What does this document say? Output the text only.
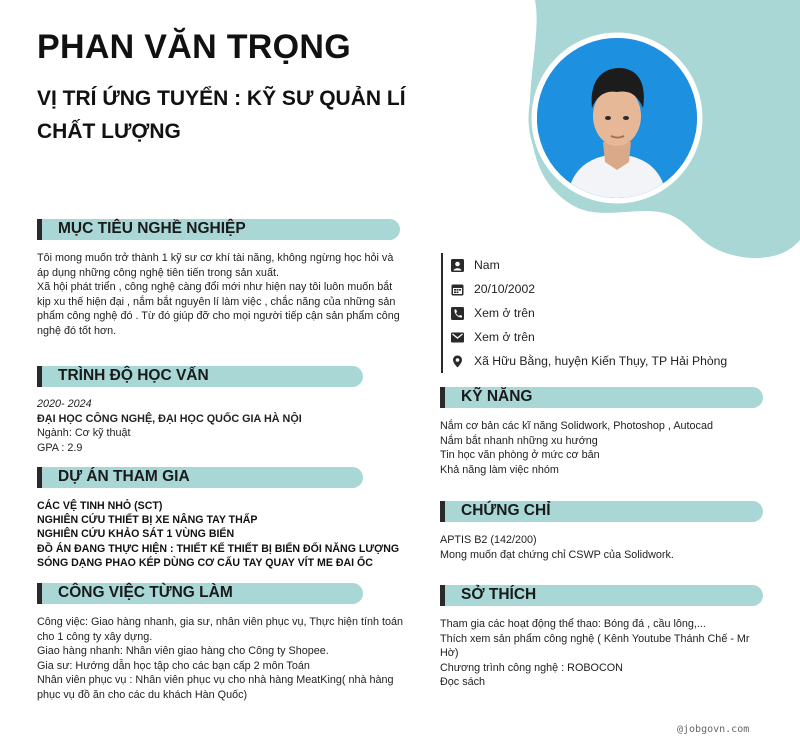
PHAN VĂN TRỌNG
VỊ TRÍ ỨNG TUYỂN : KỸ SƯ QUẢN LÍ CHẤT LƯỢNG
MỤC TIÊU NGHỀ NGHIỆP

Tôi mong muốn trở thành 1 kỹ sư cơ khí tài năng, không ngừng học hỏi và áp dụng những công nghệ tiên tiến trong sản xuất.

Xã hội phát triển , công nghệ càng đổi mới như hiện nay tôi luôn muốn bắt kịp xu thế hiện đại , nắm bắt nguyên lí làm việc , chắc năng của những sản phẩm công nghệ đó . Từ đó giúp đỡ cho mọi người tiếp cận sản phẩm công nghệ đó tốt hơn.

TRÌNH ĐỘ HỌC VẤN

2020- 2024

ĐẠI HỌC CÔNG NGHỆ, ĐẠI HỌC QUỐC GIA HÀ NỘI

Ngành: Cơ kỹ thuật

GPA : 2.9

DỰ ÁN THAM GIA

CÁC VỆ TINH NHỎ (SCT)

NGHIÊN CỨU THIẾT BỊ XE NÂNG TAY THẤP

NGHIÊN CỨU KHẢO SÁT 1 VÙNG BIỂN

ĐỒ ÁN ĐANG THỰC HIỆN : THIẾT KẾ THIẾT BỊ BIẾN ĐỔI NĂNG LƯỢNG SÓNG DẠNG PHAO KÉP DÙNG CƠ CẤU TAY QUAY VÍT ME ĐAI ỐC

CÔNG VIỆC TỪNG LÀM

Công việc: Giao hàng nhanh, gia sư, nhân viên phục vụ, Thực hiện tính toán cho 1 công ty xây dựng.

Giao hàng nhanh: Nhân viên giao hàng cho Công ty Shopee.

Gia sư: Hướng dẫn học tập cho các bạn cấp 2 môn Toán

Nhân viên phục vụ : Nhân viên phục vụ cho nhà hàng MeatKing( nhà hàng phục vụ đồ ăn cho các du khách Hàn Quốc)

Nam
20/10/2002
Xem ở trên
Xem ở trên
Xã Hữu Bằng, huyện Kiến Thụy, TP Hải Phòng
KỸ NĂNG

Nắm cơ bản các kĩ năng Solidwork, Photoshop , Autocad

Nắm bắt nhanh những xu hướng

Tin học văn phòng ở mức cơ bản

Khả năng làm việc nhóm

CHỨNG CHỈ

APTIS B2 (142/200)

Mong muốn đạt chứng chỉ CSWP của Solidwork.

SỞ THÍCH

Tham gia các hoạt động thể thao: Bóng đá , cầu lông,...

Thích xem sản phẩm công nghệ ( Kênh Youtube Thánh Chế - Mr Hờ)

Chương trình công nghệ : ROBOCON

Đọc sách

@jobgovn.com
